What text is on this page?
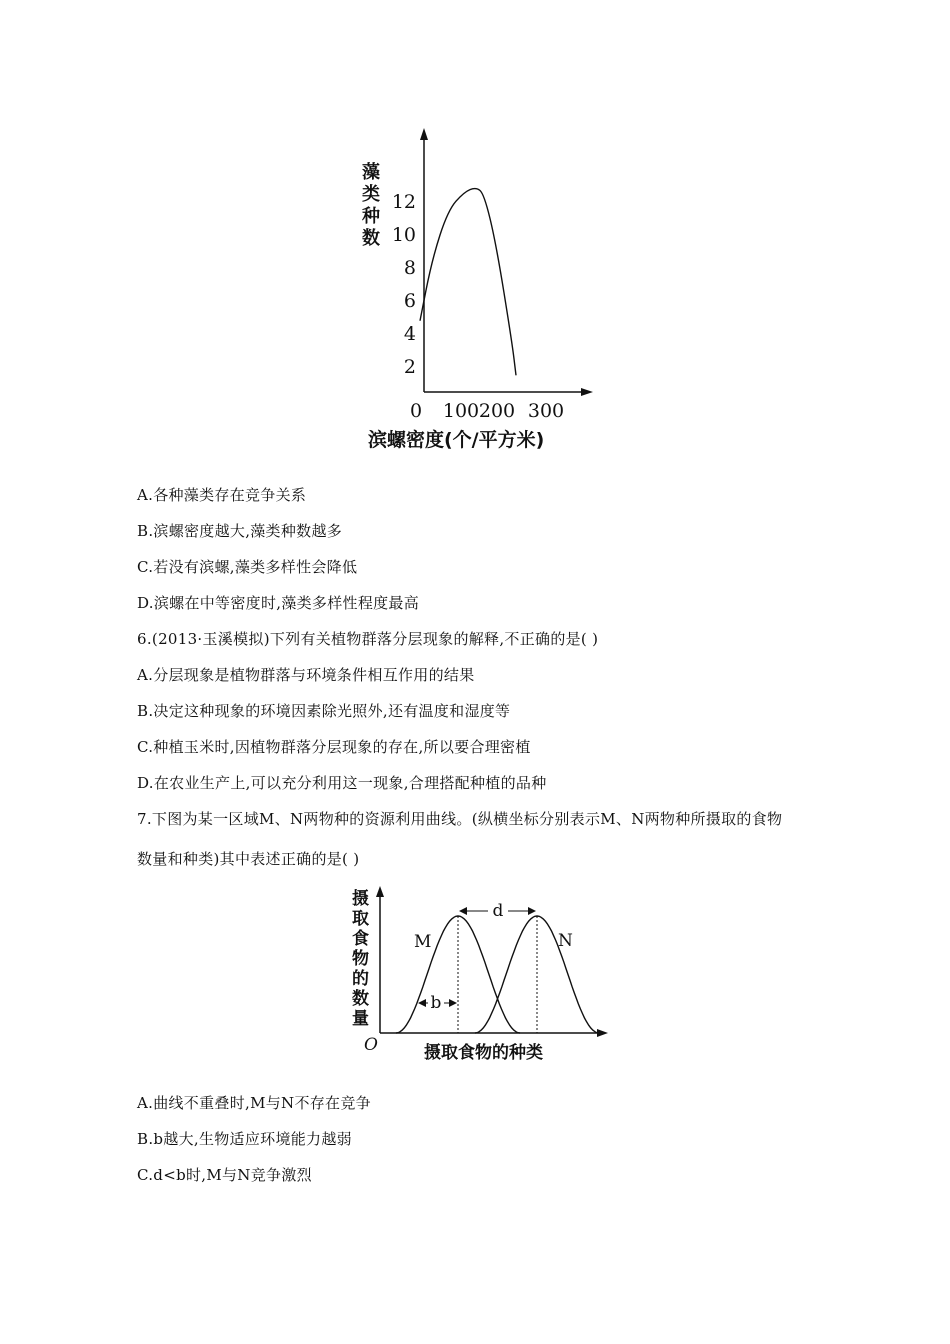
藻
类
种
数
12
10
8
6
4
2
0 100 200 300
滨螺密度(个/平方米)
A.各种藻类存在竞争关系
B.滨螺密度越大,藻类种数越多
C.若没有滨螺,藻类多样性会降低
D.滨螺在中等密度时,藻类多样性程度最高
6.(2013·玉溪模拟)下列有关植物群落分层现象的解释,不正确的是( )
A.分层现象是植物群落与环境条件相互作用的结果
B.决定这种现象的环境因素除光照外,还有温度和湿度等
C.种植玉米时,因植物群落分层现象的存在,所以要合理密植
D.在农业生产上,可以充分利用这一现象,合理搭配种植的品种
7.下图为某一区域M、N两物种的资源利用曲线。(纵横坐标分别表示M、N两物种所摄取的食物
数量和种类)其中表述正确的是( )
摄
取
食
物
的
数
量
O
M	N
d
b
摄取食物的种类
A.曲线不重叠时,M与N不存在竞争
B.b越大,生物适应环境能力越弱
C.d<b时,M与N竞争激烈
